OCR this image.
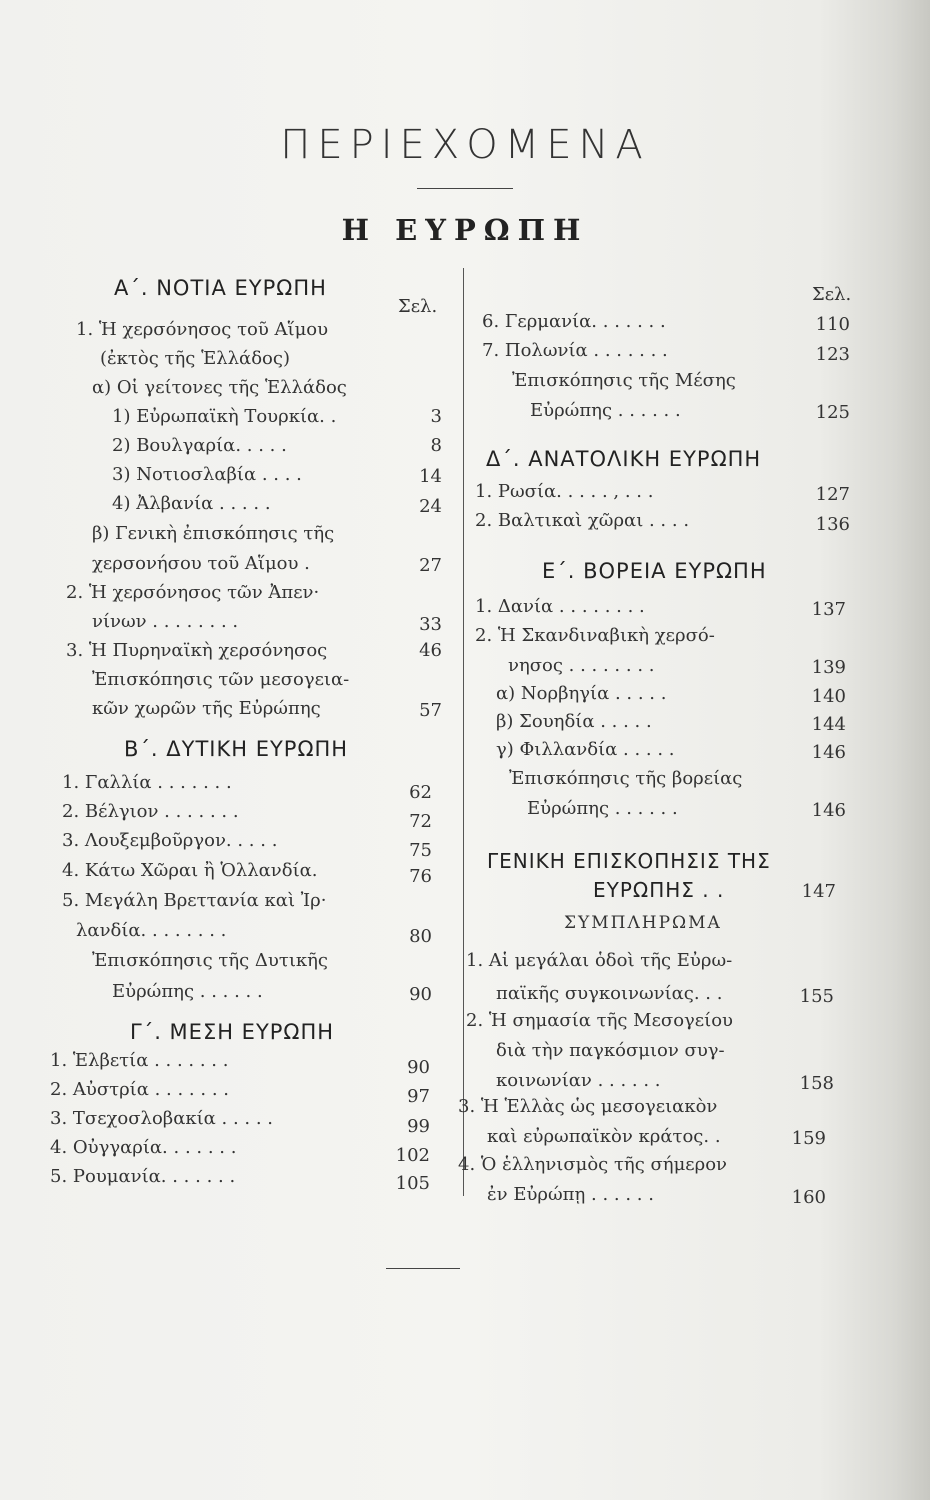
ΠΕΡΙΕΧΟΜΕΝΑ
Η ΕΥΡΩΠΗ
Σελ.
Σελ.
Α΄. ΝΟΤΙΑ ΕΥΡΩΠΗ
1. Ἡ χερσόνησος τοῦ Αἵμου
(ἐκτὸς τῆς Ἑλλάδος)
α) Οἱ γείτονες τῆς Ἑλλάδος
1) Εὐρωπαϊκὴ Τουρκία. .	3
2) Βουλγαρία. . . . .	8
3) Νοτιοσλαβία . . . .	14
4) Ἀλβανία . . . . .	24
β) Γενικὴ ἐπισκόπησις τῆς
χερσονήσου τοῦ Αἵμου .	27
2. Ἡ χερσόνησος τῶν Ἀπεν·
νίνων . . . . . . . .	33
3. Ἡ Πυρηναϊκὴ χερσόνησος	46
Ἐπισκόπησις τῶν μεσογεια-
κῶν χωρῶν τῆς Εὐρώπης	57
Β΄. ΔΥΤΙΚΗ ΕΥΡΩΠΗ
1. Γαλλία . . . . . . .	62
2. Βέλγιον . . . . . . .	72
3. Λουξεμβοῦργον. . . . .	75
4. Κάτω Χῶραι ἢ Ὁλλανδία.	76
5. Μεγάλη Βρεττανία καὶ Ἰρ·
λανδία. . . . . . . .	80
Ἐπισκόπησις τῆς Δυτικῆς
Εὐρώπης . . . . . .	90
Γ΄. ΜΕΣΗ ΕΥΡΩΠΗ
1. Ἑλβετία . . . . . . .	90
2. Αὐστρία . . . . . . .	97
3. Τσεχοσλοβακία . . . . .	99
4. Οὐγγαρία. . . . . . .	102
5. Ρουμανία. . . . . . .	105
6. Γερμανία. . . . . . .	110
7. Πολωνία . . . . . . .	123
Ἐπισκόπησις τῆς Μέσης
Εὐρώπης . . . . . .	125
Δ΄. ΑΝΑΤΟΛΙΚΗ ΕΥΡΩΠΗ
1. Ρωσία. . . . . , . . .	127
2. Βαλτικαὶ χῶραι . . . .	136
Ε΄. ΒΟΡΕΙΑ ΕΥΡΩΠΗ
1. Δανία . . . . . . . .	137
2. Ἡ Σκανδιναβικὴ χερσό-
νησος . . . . . . . .	139
α) Νορβηγία . . . . .	140
β) Σουηδία . . . . .	144
γ) Φιλλανδία . . . . .	146
Ἐπισκόπησις τῆς βορείας
Εὐρώπης . . . . . .	146
ΓΕΝΙΚΗ ΕΠΙΣΚΟΠΗΣΙΣ ΤΗΣ
ΕΥΡΩΠΗΣ . .	147
ΣΥΜΠΛΗΡΩΜΑ
1. Αἱ μεγάλαι ὁδοὶ τῆς Εὐρω-
παϊκῆς συγκοινωνίας. . .	155
2. Ἡ σημασία τῆς Μεσογείου
διὰ τὴν παγκόσμιον συγ-
κοινωνίαν . . . . . .	158
3. Ἡ Ἑλλὰς ὡς μεσογειακὸν
καὶ εὐρωπαϊκὸν κράτος. .	159
4. Ὁ ἑλληνισμὸς τῆς σήμερον
ἐν Εὐρώπῃ . . . . . .	160
